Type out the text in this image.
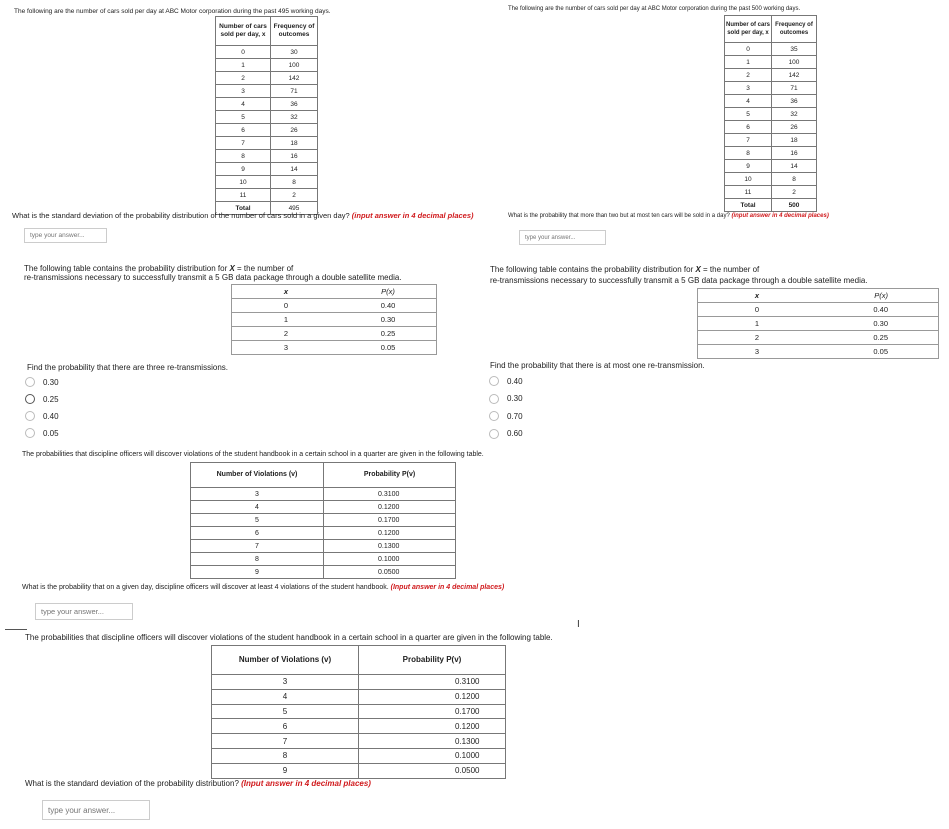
The following are the number of cars sold per day at ABC Motor corporation during the past 495 working days.
Number of cars sold per day, x	Frequency of outcomes
0	30
1	100
2	142
3	71
4	36
5	32
6	26
7	18
8	16
9	14
10	8
11	2
Total	495
What is the standard deviation of the probability distribution of the number of cars sold in a given day? (input answer in 4 decimal places)
type your answer...
The following are the number of cars sold per day at ABC Motor corporation during the past 500 working days.
Number of cars sold per day, x	Frequency of outcomes
0	35
1	100
2	142
3	71
4	36
5	32
6	26
7	18
8	16
9	14
10	8
11	2
Total	500
What is the probability that more than two but at most ten cars will be sold in a day? (input answer in 4 decimal places)
type your answer...
The following table contains the probability distribution for X = the number of
re-transmissions necessary to successfully transmit a 5 GB data package through a double satellite media.
x	P(x)
0	0.40
1	0.30
2	0.25
3	0.05
Find the probability that there are three re-transmissions.
0.30
0.25
0.40
0.05
The following table contains the probability distribution for X = the number of
re-transmissions necessary to successfully transmit a 5 GB data package through a double satellite media.
x	P(x)
0	0.40
1	0.30
2	0.25
3	0.05
Find the probability that there is at most one re-transmission.
0.40
0.30
0.70
0.60
The probabilities that discipline officers will discover violations of the student handbook in a certain school in a quarter are given in the following table.
Number of Violations (v)	Probability P(v)
3	0.3100
4	0.1200
5	0.1700
6	0.1200
7	0.1300
8	0.1000
9	0.0500
What is the probability that on a given day, discipline officers will discover at least 4 violations of the student handbook. (Input answer in 4 decimal places)
type your answer...
I
The probabilities that discipline officers will discover violations of the student handbook in a certain school in a quarter are given in the following table.
Number of Violations (v)	Probability P(v)
3	0.3100
4	0.1200
5	0.1700
6	0.1200
7	0.1300
8	0.1000
9	0.0500
What is the standard deviation of the probability distribution? (Input answer in 4 decimal places)
type your answer...
